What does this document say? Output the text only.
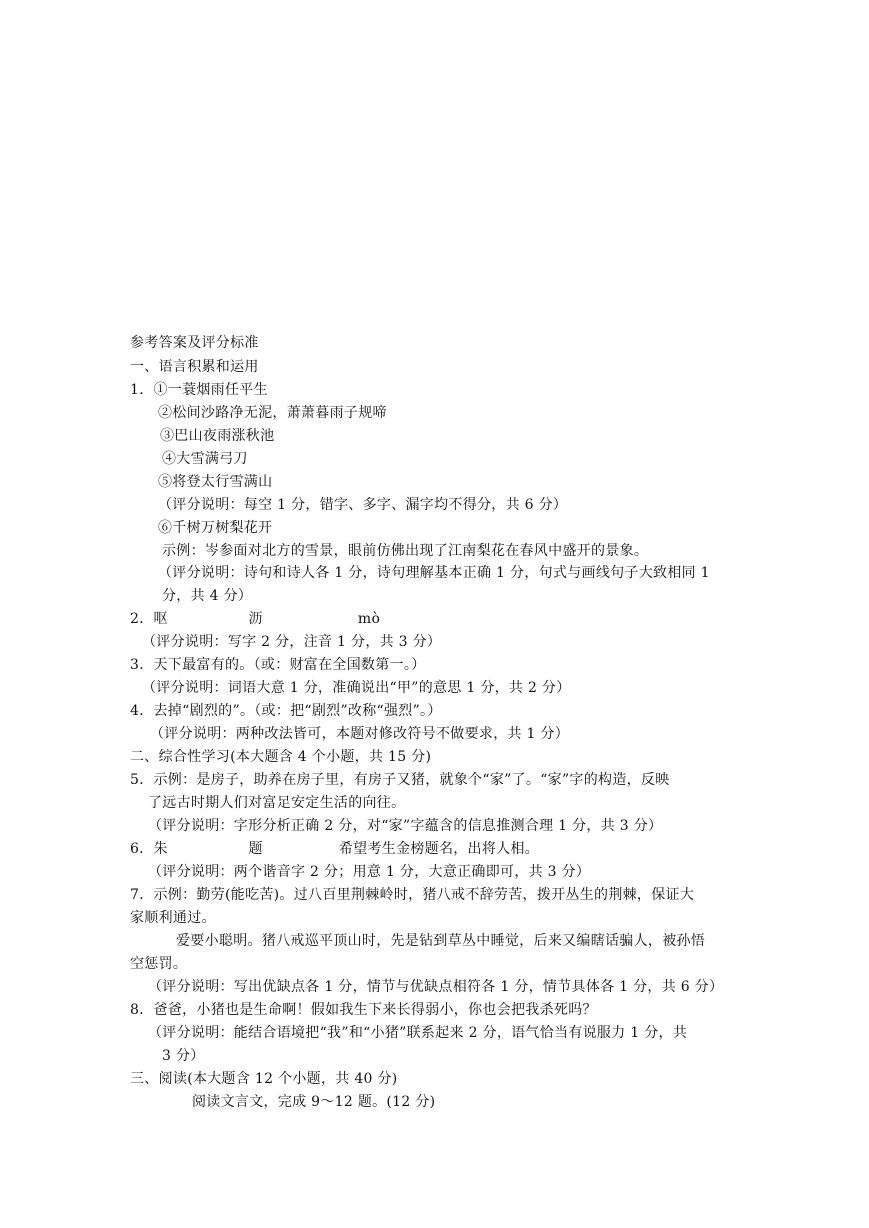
参考答案及评分标准
一、语言积累和运用
1．①一蓑烟雨任平生
②松间沙路净无泥，萧萧暮雨子规啼
③巴山夜雨涨秋池
④大雪满弓刀
⑤将登太行雪满山
（评分说明：每空 1 分，错字、多字、漏字均不得分，共 6 分）
⑥千树万树梨花开
示例：岑参面对北方的雪景，眼前仿佛出现了江南梨花在春风中盛开的景象。
（评分说明：诗句和诗人各 1 分，诗句理解基本正确 1 分，句式与画线句子大致相同 1
分，共 4 分）
2．呕                 沥                    mò
（评分说明：写字 2 分，注音 1 分，共 3 分）
3．天下最富有的。（或：财富在全国数第一。）
（评分说明：词语大意 1 分，准确说出“甲”的意思 1 分，共 2 分）
4．去掉“剧烈的”。（或：把“剧烈”改称“强烈”。）
（评分说明：两种改法皆可，本题对修改符号不做要求，共 1 分）
二、综合性学习(本大题含 4 个小题，共 15 分)
5．示例：是房子，助养在房子里，有房子又猪，就象个“家”了。“家”字的构造，反映
了远古时期人们对富足安定生活的向往。
（评分说明：字形分析正确 2 分，对“家”字蕴含的信息推测合理 1 分，共 3 分）
6．朱                 题                希望考生金榜题名，出将人相。
（评分说明：两个谐音字 2 分；用意 1 分，大意正确即可，共 3 分）
7．示例：勤劳(能吃苦)。过八百里荆棘岭时，猪八戒不辞劳苦，拨开丛生的荆棘，保证大
家顺利通过。
爱要小聪明。猪八戒巡平顶山时，先是钻到草丛中睡觉，后来又编瞎话骗人，被孙悟
空惩罚。
（评分说明：写出优缺点各 1 分，情节与优缺点相符各 1 分，情节具体各 1 分，共 6 分）
8．爸爸，小猪也是生命啊！假如我生下来长得弱小，你也会把我杀死吗？
（评分说明：能结合语境把“我”和“小猪”联系起来 2 分，语气恰当有说服力 1 分，共
3 分）
三、阅读(本大题含 12 个小题，共 40 分)
阅读文言文，完成 9～12 题。(12 分)
